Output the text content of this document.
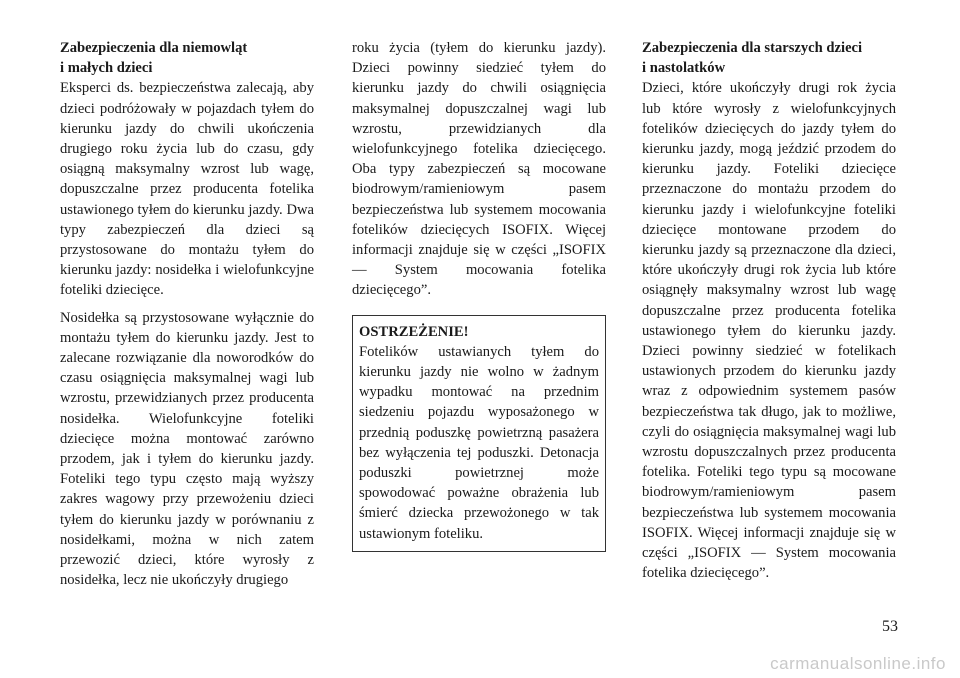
Zabezpieczenia dla niemowląt
i małych dzieci

Eksperci ds. bezpieczeństwa zalecają, aby dzieci podróżowały w pojazdach tyłem do kierunku jazdy do chwili ukończenia drugiego roku życia lub do czasu, gdy osiągną maksymalny wzrost lub wagę, dopuszczalne przez producenta fotelika ustawionego tyłem do kierunku jazdy. Dwa typy zabezpieczeń dla dzieci są przystosowane do montażu tyłem do kierunku jazdy: nosidełka i wielofunkcyjne foteliki dziecięce.

Nosidełka są przystosowane wyłącznie do montażu tyłem do kierunku jazdy. Jest to zalecane rozwiązanie dla noworodków do czasu osiągnięcia maksymalnej wagi lub wzrostu, przewidzianych przez producenta nosidełka. Wielofunkcyjne foteliki dziecięce można montować zarówno przodem, jak i tyłem do kierunku jazdy. Foteliki tego typu często mają wyższy zakres wagowy przy przewożeniu dzieci tyłem do kierunku jazdy w porównaniu z nosidełkami, można w nich zatem przewozić dzieci, które wyrosły z nosidełka, lecz nie ukończyły drugiego

roku życia (tyłem do kierunku jazdy). Dzieci powinny siedzieć tyłem do kierunku jazdy do chwili osiągnięcia maksymalnej dopuszczalnej wagi lub wzrostu, przewidzianych dla wielofunkcyjnego fotelika dziecięcego. Oba typy zabezpieczeń są mocowane biodrowym/ramieniowym pasem bezpieczeństwa lub systemem mocowania fotelików dziecięcych ISOFIX. Więcej informacji znajduje się w części „ISOFIX — System mocowania fotelika dziecięcego”.

OSTRZEŻENIE!

Fotelików ustawianych tyłem do kierunku jazdy nie wolno w żadnym wypadku montować na przednim siedzeniu pojazdu wyposażonego w przednią poduszkę powietrzną pasażera bez wyłączenia tej poduszki. Detonacja poduszki powietrznej może spowodować poważne obrażenia lub śmierć dziecka przewożonego w tak ustawionym foteliku.

Zabezpieczenia dla starszych dzieci
i nastolatków

Dzieci, które ukończyły drugi rok życia lub które wyrosły z wielofunkcyjnych fotelików dziecięcych do jazdy tyłem do kierunku jazdy, mogą jeździć przodem do kierunku jazdy. Foteliki dziecięce przeznaczone do montażu przodem do kierunku jazdy i wielofunkcyjne foteliki dziecięce montowane przodem do kierunku jazdy są przeznaczone dla dzieci, które ukończyły drugi rok życia lub które osiągnęły maksymalny wzrost lub wagę dopuszczalne przez producenta fotelika ustawionego tyłem do kierunku jazdy. Dzieci powinny siedzieć w fotelikach ustawionych przodem do kierunku jazdy wraz z odpowiednim systemem pasów bezpieczeństwa tak długo, jak to możliwe, czyli do osiągnięcia maksymalnej wagi lub wzrostu dopuszczalnych przez producenta fotelika. Foteliki tego typu są mocowane biodrowym/ramieniowym pasem bezpieczeństwa lub systemem mocowania ISOFIX. Więcej informacji znajduje się w części „ISOFIX — System mocowania fotelika dziecięcego”.

53
carmanualsonline.info
